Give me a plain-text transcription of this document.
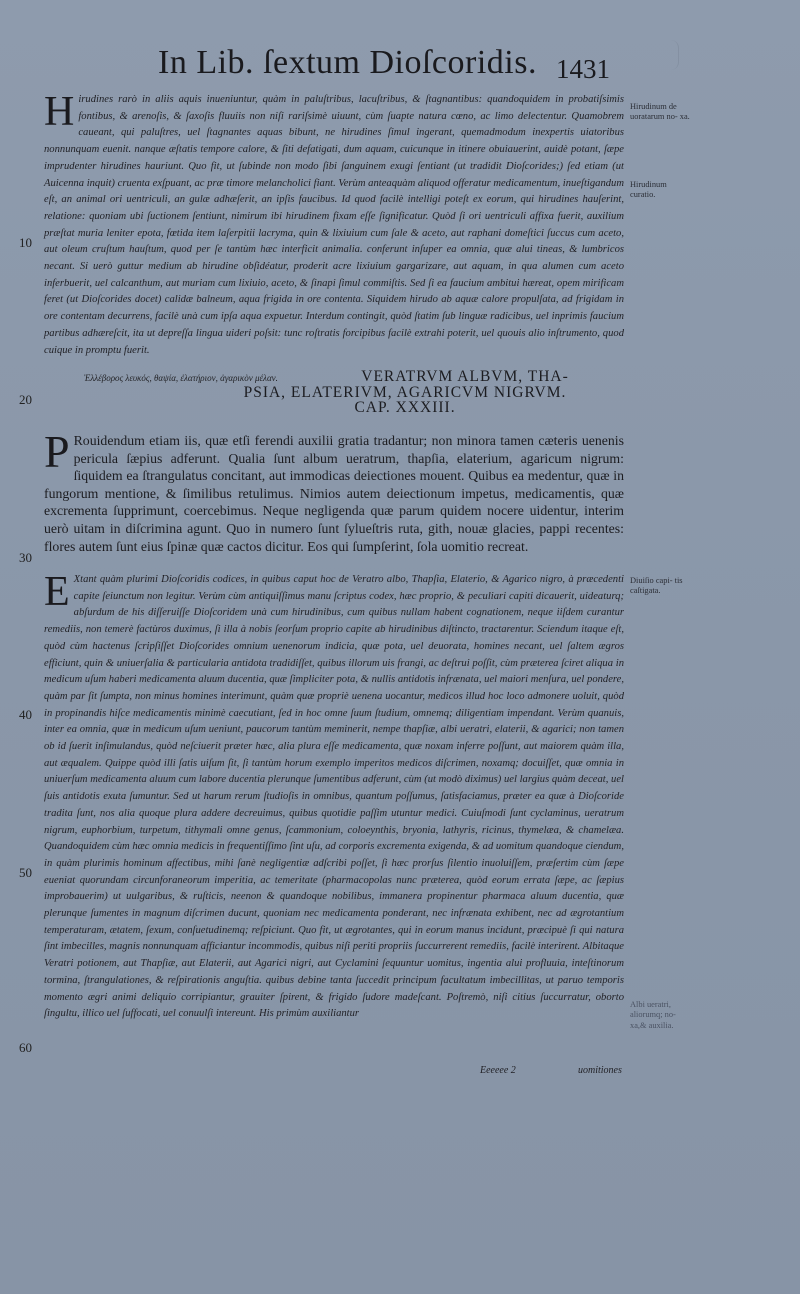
In Lib. ſextum Dioſcoridis. 1431
H irudines rarò in aliis aquis inueniuntur, quàm in paluſtribus, lacuſtribus, & ſtagnantibus: quandoquidem in probatiſsimis fontibus, & arenoſis, & ſaxoſis fluuiis non niſi rariſsimè uiuunt, cùm ſuapte natura cœno, ac limo delectentur. Quamobrem caueant, qui paluſtres, uel ſtagnantes aquas bibunt, ne hirudines ſimul ingerant, quemadmodum inexpertis uiatoribus nonnunquam euenit. nanque æſtatis tempore calore, & ſiti defatigati, dum aquam, cuicunque in itinere obuiauerint, auidè potant, ſæpe imprudenter hirudines hauriunt. Quo fit, ut ſubinde non modo ſibi ſanguinem exugi ſentiant (ut tradidit Dioſcorides;) ſed etiam (ut Auicenna inquit) cruenta exſpuant, ac præ timore melancholici fiant. Verùm anteaquàm aliquod offeratur medicamentum, inueſtigandum eſt, an animal ori uentriculi, an gulæ adhæſerit, an ipſis faucibus. Id quod facilè intelligi poteſt ex eorum, qui hirudines hauſerint, relatione: quoniam ubi ſuctionem ſentiunt, nimirum ibi hirudinem fixam eſſe ſignificatur. Quòd ſi ori uentriculi affixa fuerit, auxilium præſtat muria leniter epota, fœtida item laſerpitii lacryma, quin & lixiuium cum ſale & aceto, aut raphani domeſtici ſuccus cum aceto, aut oleum cruſtum hauſtum, quod per ſe tantùm hæc interficit animalia. conferunt inſuper ea omnia, quæ alui tineas, & lumbricos necant. Si uerò guttur medium ab hirudine obſidéatur, proderit acre lixiuium gargarizare, aut aquam, in qua alumen cum aceto inferbuerit, uel calcanthum, aut muriam cum lixiuio, aceto, & ſinapi ſimul commiſtis. Sed ſi ea faucium ambitui hæreat, opem mirificam feret (ut Dioſcorides docet) calidæ balneum, aqua frigida in ore contenta. Siquidem hirudo ab aquæ calore propulſata, ad frigidam in ore contentam decurrens, facilè unà cum ipſa aqua expuetur. Interdum contingit, quòd ſtatim ſub linguæ radicibus, uel inprimis faucium partibus adhæreſcit, ita ut depreſſa lingua uideri poſsit: tunc roſtratis forcipibus facilè extrahi poterit, uel quouis alio inſtrumento, quod cuique in promptu fuerit.
Hirudinum de uoratarum no- xa.
Hirudinum curatio.
10
Ἐλλέβορος λευκός, θαψία, ἐλατήριον, ἀγαρικὸν μέλαν.	VERATRVM ALBVM, THA-
PSIA, ELATERIVM, AGARICVM NIGRVM.
CAP. XXXIII.
20
P Rouidendum etiam iis, quæ etſi ferendi auxilii gratia tradantur; non minora tamen cæteris uenenis pericula ſæpius adferunt. Qualia ſunt album ueratrum, thapſia, elaterium, agaricum nigrum: ſiquidem ea ſtrangulatus concitant, aut immodicas deiectiones mouent. Quibus ea medentur, quæ in fungorum mentione, & ſimilibus retulimus. Nimios autem deiectionum impetus, medicamentis, quæ excrementa ſupprimunt, coercebimus. Neque negligenda quæ parum quidem nocere uidentur, interim uerò uitam in diſcrimina agunt. Quo in numero ſunt ſylueſtris ruta, gith, nouæ glacies, pappi recentes: flores autem ſunt eius ſpinæ quæ cactos dicitur. Eos qui ſumpſerint, ſola uomitio recreat.
30
E Xtant quàm plurimi Dioſcoridis codices, in quibus caput hoc de Veratro albo, Thapſia, Elaterio, & Agarico nigro, à præcedenti capite ſeiunctum non legitur. Verùm cùm antiquiſſimus manu ſcriptus codex, hæc proprio, & peculiari capiti dicauerit, uideaturq; abſurdum de his diſſeruiſſe Dioſcoridem unà cum hirudinibus, cum quibus nullam habent cognationem, neque iiſdem curantur remediis, non temerè factùros duximus, ſi illa à nobis ſeorſum proprio capite ab hirudinibus diſtincto, tractarentur. Sciendum itaque eſt, quòd cùm hactenus ſcripſiſſet Dioſcorides omnium uenenorum indicia, quæ pota, uel deuorata, homines necant, uel ſaltem ægros efficiunt, quin & uniuerſalia & particularia antidota tradidiſſet, quibus illorum uis frangi, ac deſtrui poſſit, cùm præterea ſciret aliqua in medicum uſum haberi medicamenta aluum ducentia, quæ ſimpliciter pota, & nullis antidotis infrænata, uel maiori menſura, uel pondere, quàm par ſit ſumpta, non minus homines interimunt, quàm quæ propriè uenena uocantur, medicos illud hoc loco admonere uoluit, quòd in propinandis hiſce medicamentis minimè caecutiant, ſed in hoc omne ſuum ſtudium, omnemq; diligentiam impendant. Verùm quanuis, inter ea omnia, quæ in medicum uſum ueniunt, paucorum tantùm meminerit, nempe thapſiæ, albi ueratri, elaterii, & agarici; non tamen ob id ſuerit inſimulandus, quòd neſciuerit præter hæc, alia plura eſſe medicamenta, quæ noxam inferre poſſunt, aut maiorem quàm illa, aut æqualem. Quippe quòd illi ſatis uiſum ſit, ſi tantùm horum exemplo imperitos medicos diſcrimen, noxamq; docuiſſet, quæ omnia in uniuerſum medicamenta aluum cum labore ducentia plerunque ſumentibus adferunt, cùm (ut modò diximus) uel largius quàm deceat, uel ſuis antidotis exuta ſumuntur. Sed ut harum rerum ſtudioſis in omnibus, quantum poſſumus, ſatisfaciamus, præter ea quæ à Dioſcoride tradita ſunt, nos alia quoque plura addere decreuimus, quibus quotidie paſſim utuntur medici. Cuiuſmodi ſunt cyclaminus, ueratrum nigrum, euphorbium, turpetum, tithymali omne genus, ſcammonium, coloeynthis, bryonia, lathyris, ricinus, thymelæa, & chamelæa. Quandoquidem cùm hæc omnia medicis in frequentiſſimo ſint uſu, ad corporis excrementa exigenda, & ad uomitum quandoque ciendum, in quàm plurimis hominum affectibus, mihi ſanè negligentiæ adſcribi poſſet, ſi hæc prorſus ſilentio inuoluiſſem, præſertim cùm ſæpe eueniat quorundam circunforaneorum imperitia, ac temeritate (pharmacopolas nunc præterea, quòd eorum errata ſæpe, ac ſæpius improbauerim) ut uulgaribus, & ruſticis, neenon & quandoque nobilibus, immanera propinentur pharmaca aluum ducentia, quæ plerunque ſumentes in magnum diſcrimen ducunt, quoniam nec medicamenta ponderant, nec infrænata exhibent, nec ad ægrotantium temperaturam, ætatem, ſexum, conſuetudinemq; reſpiciunt. Quo fit, ut ægrotantes, qui in eorum manus incidunt, præcipuè ſi qui natura ſint imbecilles, magnis nonnunquam afficiantur incommodis, quibus niſi periti propriis ſuccurrerent remediis, facilè interirent. Albitaque Veratri potionem, aut Thapſiæ, aut Elaterii, aut Agarici nigri, aut Cyclamini ſequuntur uomitus, ingentia alui profluuia, inteſtinorum tormina, ſtrangulationes, & reſpirationis anguſtia. quibus debine tanta ſuccedit principum facultatum imbecillitas, ut paruo temporis momento ægri animi deliquio corripiantur, grauiter ſpirent, & frigido ſudore madeſcant. Poſtremò, niſi citius ſuccurratur, oborto ſingultu, illico uel ſuffocati, uel conuulſi intereunt. His primùm auxiliantur
Diuiſio capi- tis caſtigata.
Albi ueratri, aliorumq; no- xa,& auxilia.
40
50
60
Eeeeee 2	uomitiones
